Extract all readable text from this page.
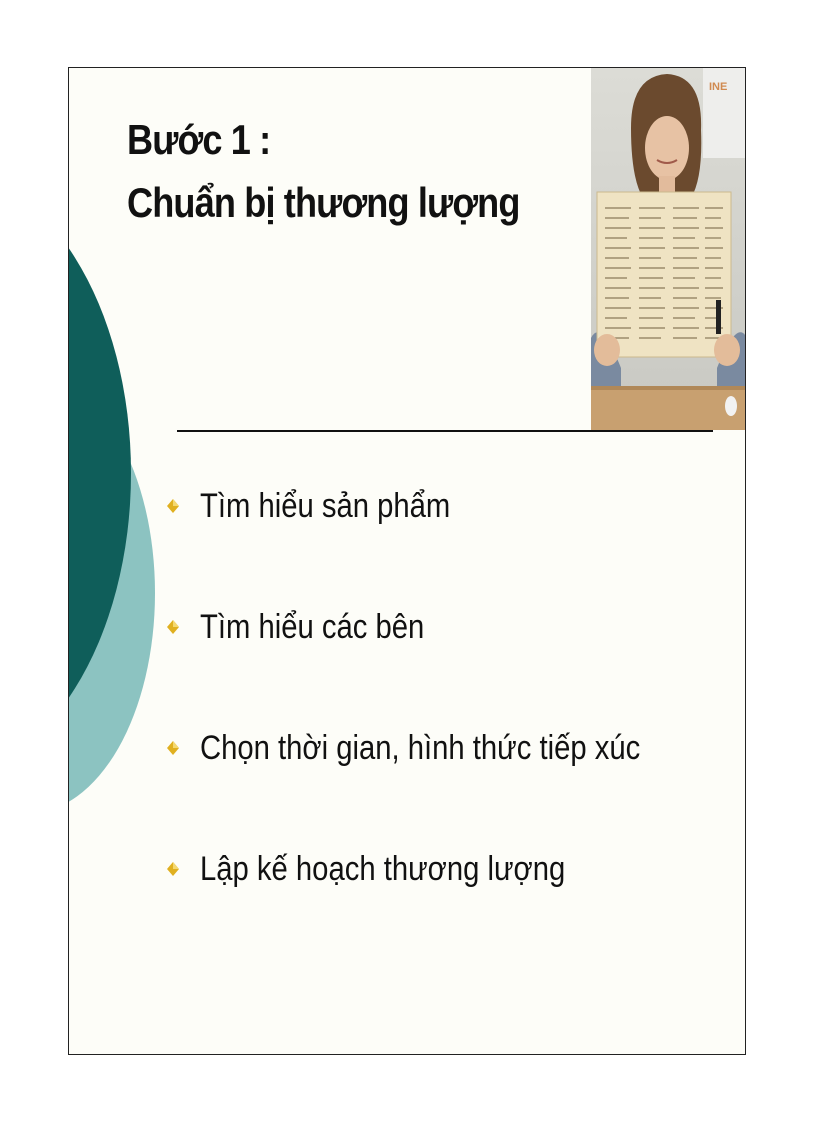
Bước 1 :
Chuẩn bị thương lượng
INE
Tìm hiểu sản phẩm
Tìm hiểu các bên
Chọn thời gian, hình thức tiếp xúc
Lập kế hoạch thương lượng
